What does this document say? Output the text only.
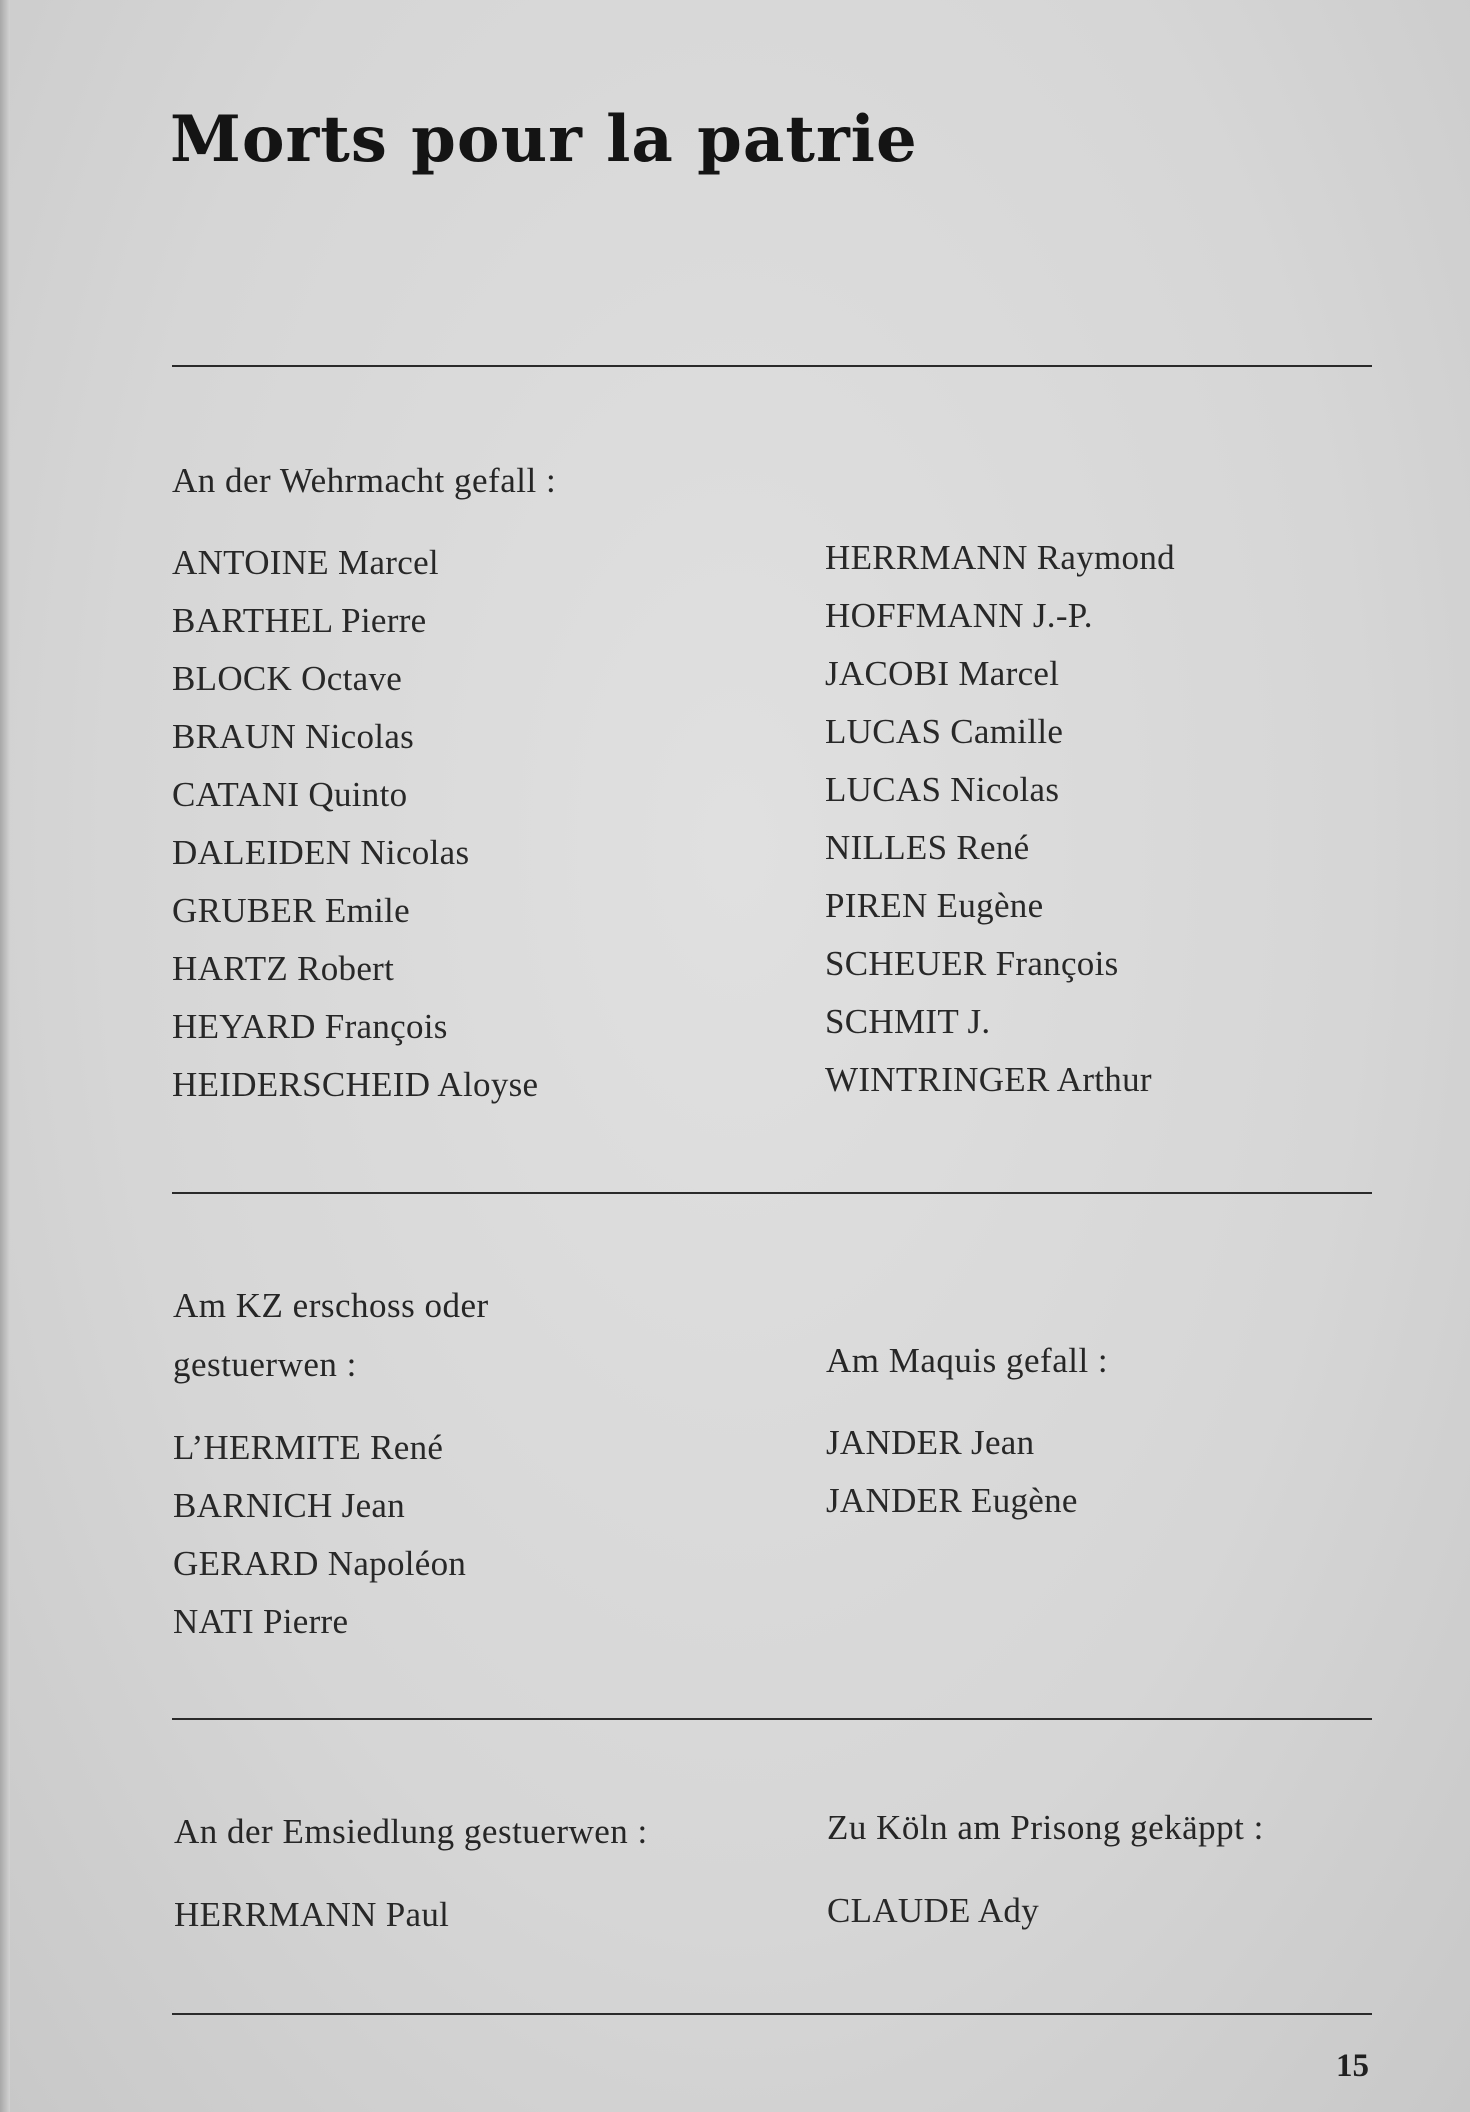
Morts pour la patrie
An der Wehrmacht gefall :
ANTOINE Marcel
BARTHEL Pierre
BLOCK Octave
BRAUN Nicolas
CATANI Quinto
DALEIDEN Nicolas
GRUBER Emile
HARTZ Robert
HEYARD François
HEIDERSCHEID Aloyse
HERRMANN Raymond
HOFFMANN J.-P.
JACOBI Marcel
LUCAS Camille
LUCAS Nicolas
NILLES René
PIREN Eugène
SCHEUER François
SCHMIT J.
WINTRINGER Arthur
Am KZ erschoss oder
gestuerwen :
L’HERMITE René
BARNICH Jean
GERARD Napoléon
NATI Pierre
Am Maquis gefall :
JANDER Jean
JANDER Eugène
An der Emsiedlung gestuerwen :
HERRMANN Paul
Zu Köln am Prisong gekäppt :
CLAUDE Ady
15
